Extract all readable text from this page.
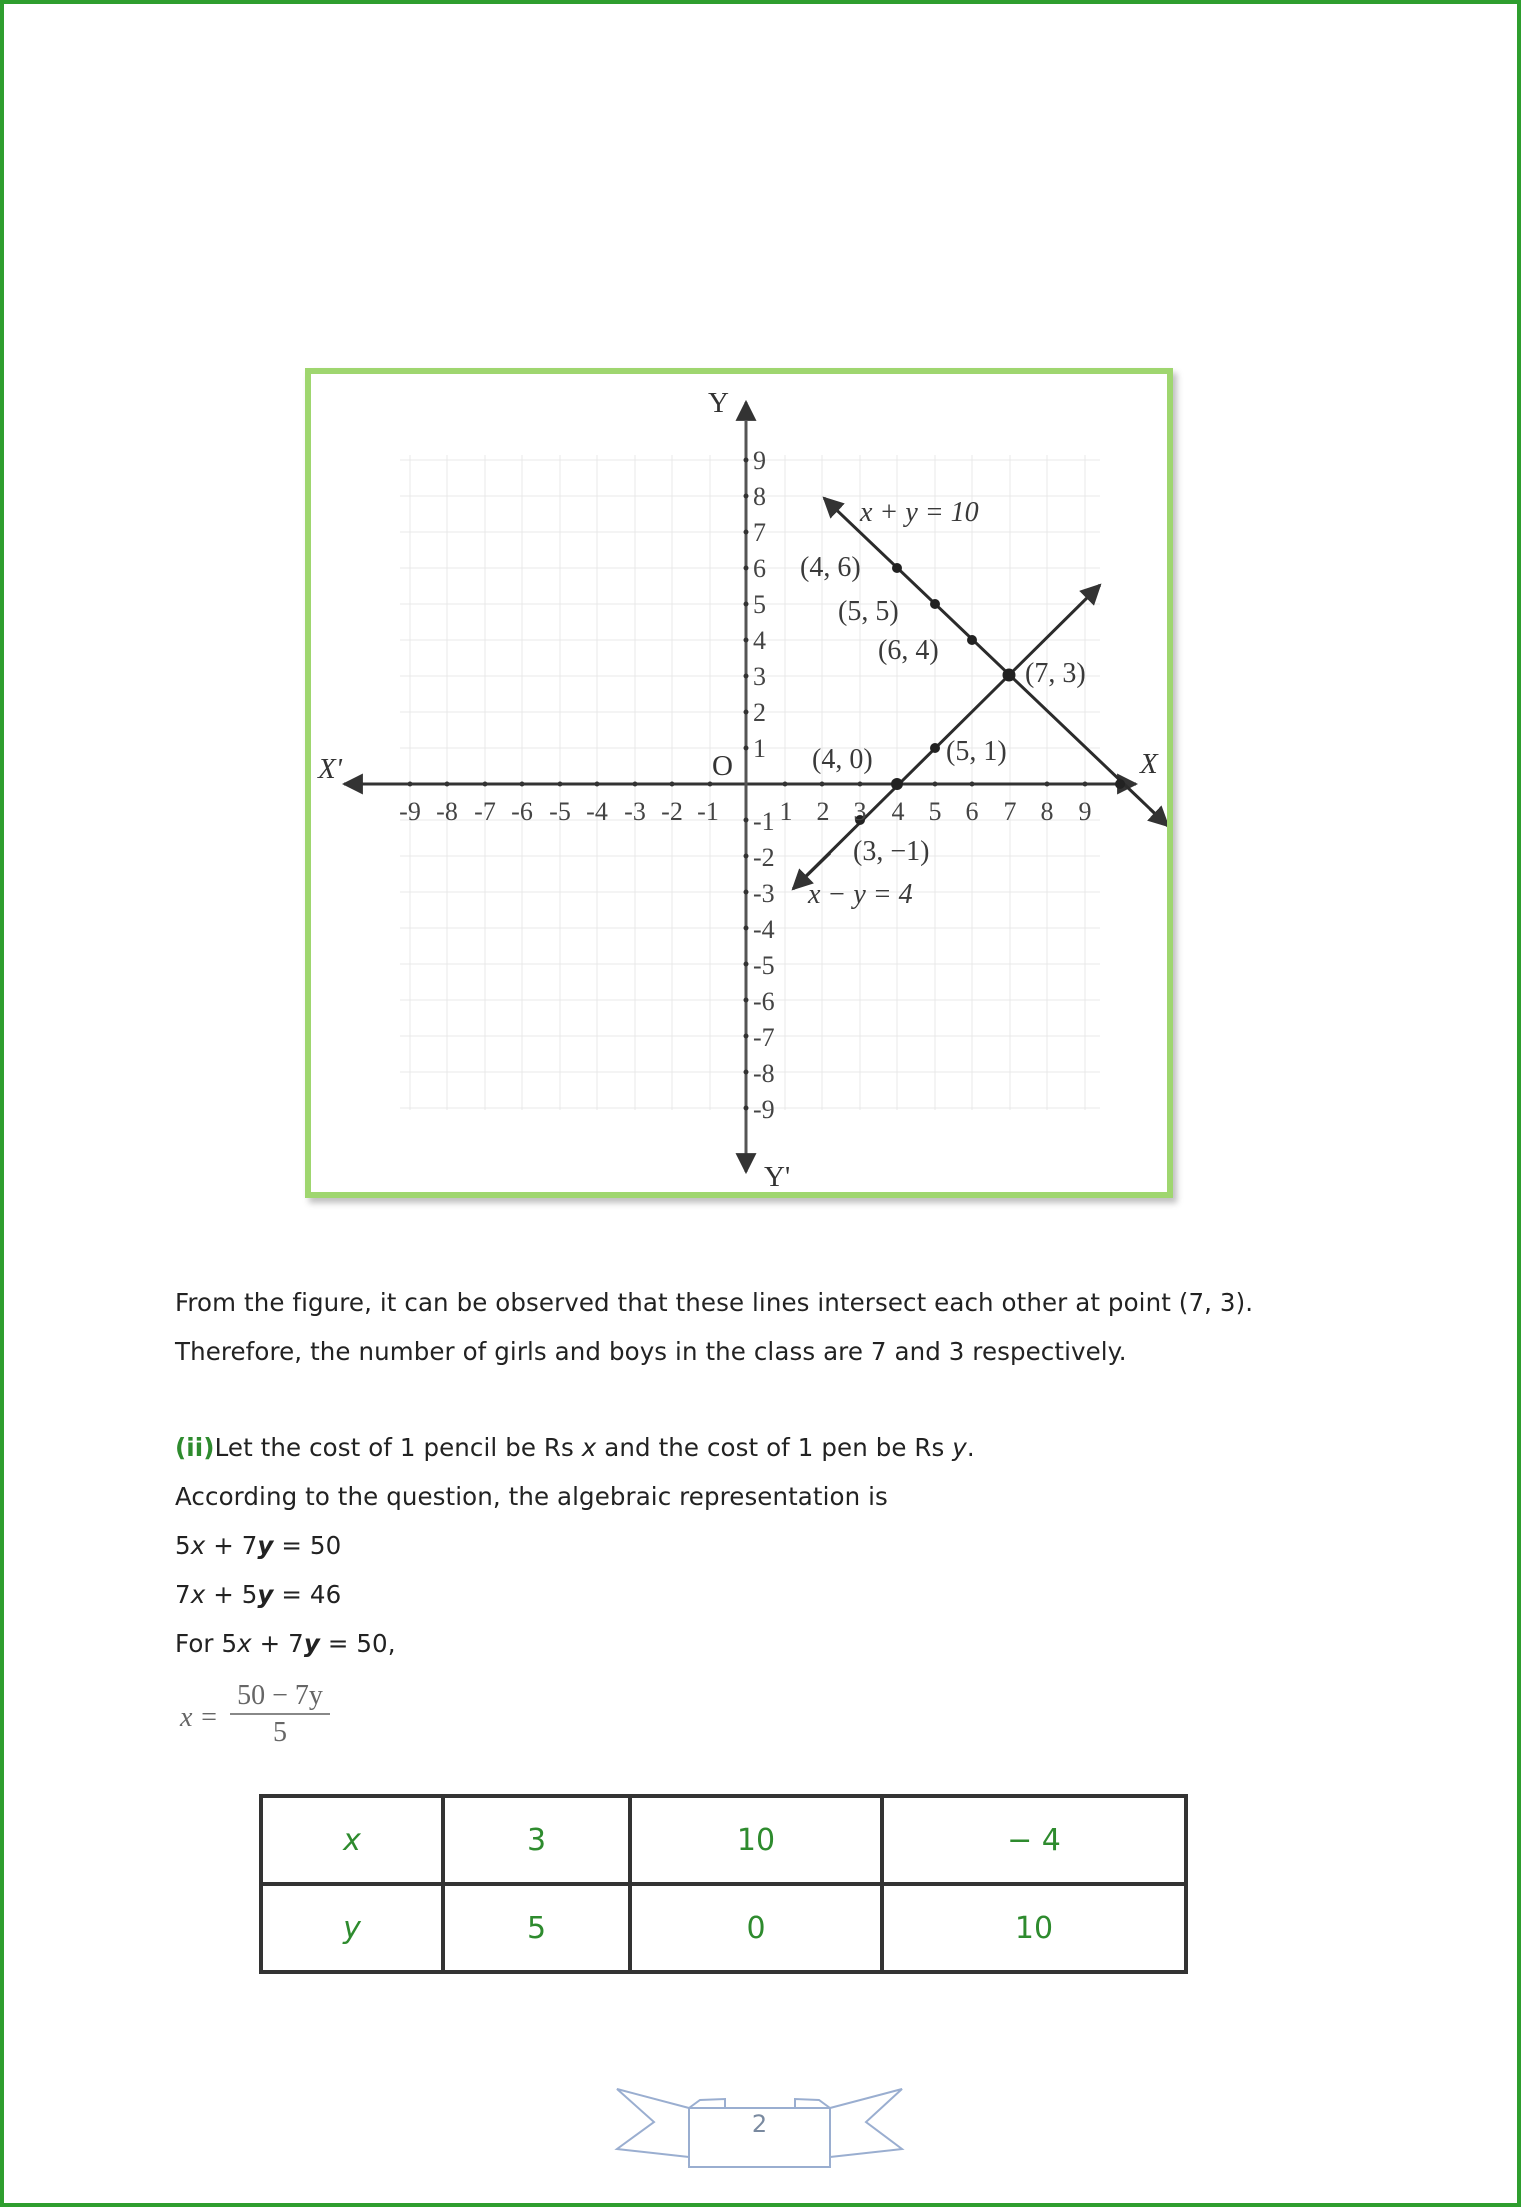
Y
Y'
X'	X
O
-9 -8 -7 -6 -5 -4 -3 -2 -1 1 2 3 4 5 6 7 8 9
9
8
7
6
5
4
3
2
1
-1
-2
-3
-4
-5
-6
-7
-8
-9
x + y = 10
x − y = 4
(4, 6)
(5, 5)
(6, 4)
(7, 3)
(4, 0)	(5, 1)
(3, −1)
From the figure, it can be observed that these lines intersect each other at point (7, 3).
Therefore, the number of girls and boys in the class are 7 and 3 respectively.
(ii)Let the cost of 1 pencil be Rs x and the cost of 1 pen be Rs y.
According to the question, the algebraic representation is
5x + 7y = 50
7x + 5y = 46
For 5x + 7y = 50,
$x = \frac{50 - 7y}{5}$
x	3	10	− 4
y	5	0	10
2
